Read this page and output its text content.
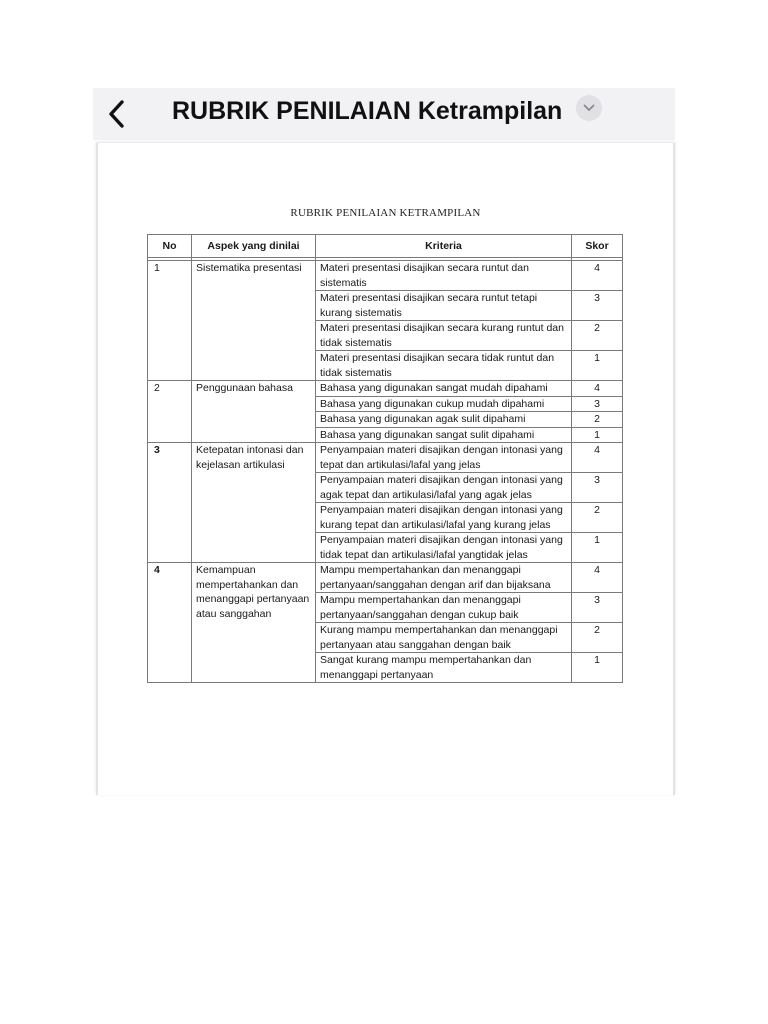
RUBRIK PENILAIAN Ketrampilan
RUBRIK PENILAIAN KETRAMPILAN
No	Aspek yang dinilai	Kriteria	Skor

1	Sistematika presentasi	Materi presentasi disajikan secara runtut dan sistematis	4
		Materi presentasi disajikan secara runtut tetapi kurang sistematis	3
		Materi presentasi disajikan secara kurang runtut dan tidak sistematis	2
		Materi presentasi disajikan secara tidak runtut dan tidak sistematis	1
2	Penggunaan bahasa	Bahasa yang digunakan sangat mudah dipahami	4
		Bahasa yang digunakan cukup mudah dipahami	3
		Bahasa yang digunakan agak sulit dipahami	2
		Bahasa yang digunakan sangat sulit dipahami	1
3	Ketepatan intonasi dan kejelasan artikulasi	Penyampaian materi disajikan dengan intonasi yang tepat dan artikulasi/lafal yang jelas	4
		Penyampaian materi disajikan dengan intonasi yang agak tepat dan artikulasi/lafal yang agak jelas	3
		Penyampaian materi disajikan dengan intonasi yang kurang tepat dan artikulasi/lafal yang kurang jelas	2
		Penyampaian materi disajikan dengan intonasi yang tidak tepat dan artikulasi/lafal yangtidak jelas	1
4	Kemampuan mempertahankan dan menanggapi pertanyaan atau sanggahan	Mampu mempertahankan dan menanggapi pertanyaan/sanggahan dengan arif dan bijaksana	4
		Mampu mempertahankan dan menanggapi pertanyaan/sanggahan dengan cukup baik	3
		Kurang mampu mempertahankan dan menanggapi pertanyaan atau sanggahan dengan baik	2
		Sangat kurang mampu mempertahankan dan menanggapi pertanyaan	1
